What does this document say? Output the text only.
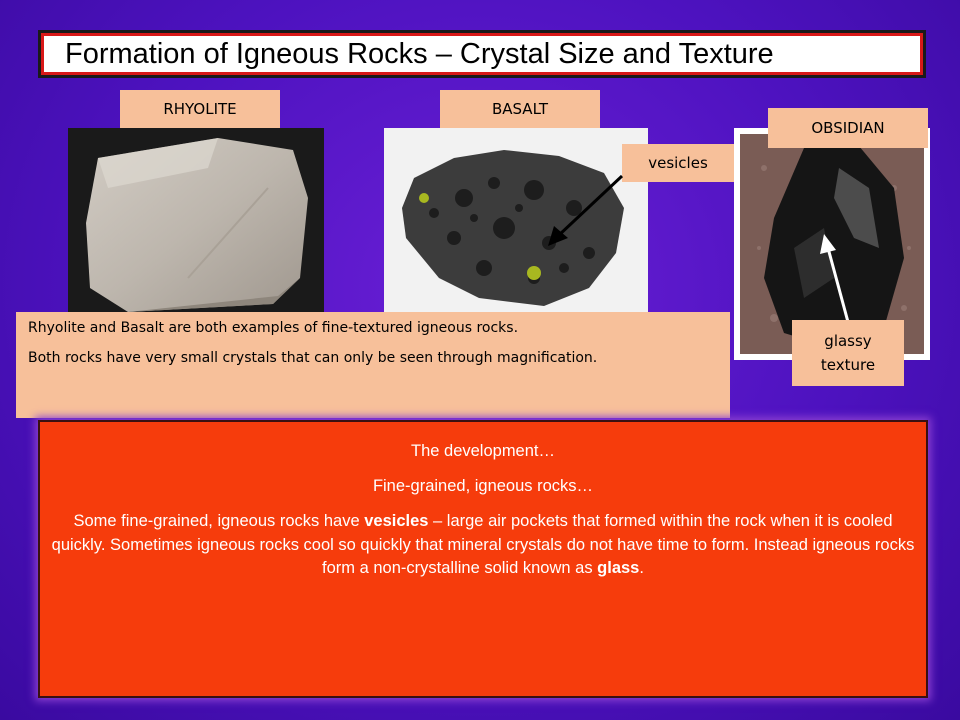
Formation of Igneous Rocks – Crystal Size and Texture
RHYOLITE	BASALT
vesicles
OBSIDIAN
glassy
texture

Rhyolite and Basalt are both examples of fine-textured igneous rocks.

Both rocks have very small crystals that can only be seen through magnification.

The development…

Fine-grained, igneous rocks…

Some fine-grained, igneous rocks have vesicles – large air pockets that formed within the rock when it is cooled quickly. Sometimes igneous rocks cool so quickly that mineral crystals do not have time to form. Instead igneous rocks form a non-crystalline solid known as glass.
